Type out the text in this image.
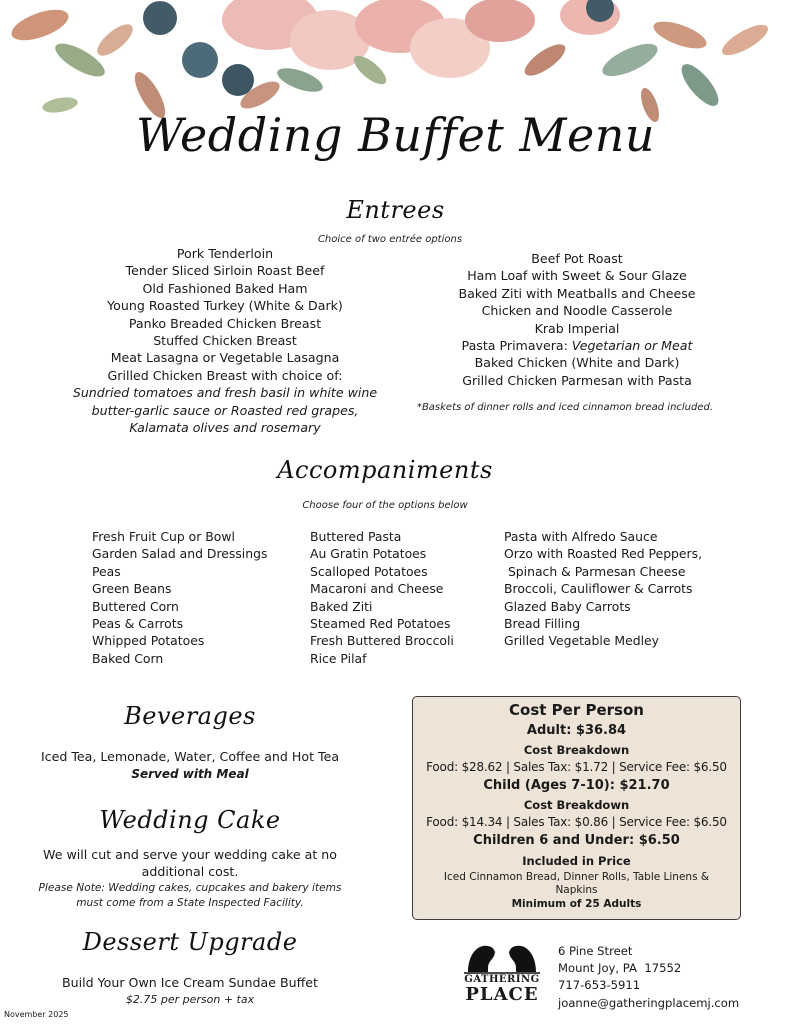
Wedding Buffet Menu
Entrees
Choice of two entrée options
Pork Tenderloin
Tender Sliced Sirloin Roast Beef
Old Fashioned Baked Ham
Young Roasted Turkey (White & Dark)
Panko Breaded Chicken Breast
Stuffed Chicken Breast
Meat Lasagna or Vegetable Lasagna
Grilled Chicken Breast with choice of:
Sundried tomatoes and fresh basil in white wine
butter-garlic sauce or Roasted red grapes,
Kalamata olives and rosemary
Beef Pot Roast
Ham Loaf with Sweet & Sour Glaze
Baked Ziti with Meatballs and Cheese
Chicken and Noodle Casserole
Krab Imperial
Pasta Primavera: Vegetarian or Meat
Baked Chicken (White and Dark)
Grilled Chicken Parmesan with Pasta
*Baskets of dinner rolls and iced cinnamon bread included.
Accompaniments
Choose four of the options below
Fresh Fruit Cup or Bowl
Garden Salad and Dressings
Peas
Green Beans
Buttered Corn
Peas & Carrots
Whipped Potatoes
Baked Corn
Buttered Pasta
Au Gratin Potatoes
Scalloped Potatoes
Macaroni and Cheese
Baked Ziti
Steamed Red Potatoes
Fresh Buttered Broccoli
Rice Pilaf
Pasta with Alfredo Sauce
Orzo with Roasted Red Peppers,
Spinach & Parmesan Cheese
Broccoli, Cauliflower & Carrots
Glazed Baby Carrots
Bread Filling
Grilled Vegetable Medley
Beverages
Iced Tea, Lemonade, Water, Coffee and Hot Tea
Served with Meal
Wedding Cake
We will cut and serve your wedding cake at no
additional cost.
Please Note: Wedding cakes, cupcakes and bakery items
must come from a State Inspected Facility.
Dessert Upgrade
Build Your Own Ice Cream Sundae Buffet
$2.75 per person + tax
Cost Per Person
Adult: $36.84
Cost Breakdown
Food: $28.62 | Sales Tax: $1.72 | Service Fee: $6.50
Child (Ages 7-10): $21.70
Cost Breakdown
Food: $14.34 | Sales Tax: $0.86 | Service Fee: $6.50
Children 6 and Under: $6.50
Included in Price
Iced Cinnamon Bread, Dinner Rolls, Table Linens &
Napkins
Minimum of 25 Adults
GATHERING
PLACE
6 Pine Street
Mount Joy, PA  17552
717-653-5911
joanne@gatheringplacemj.com
November 2025
